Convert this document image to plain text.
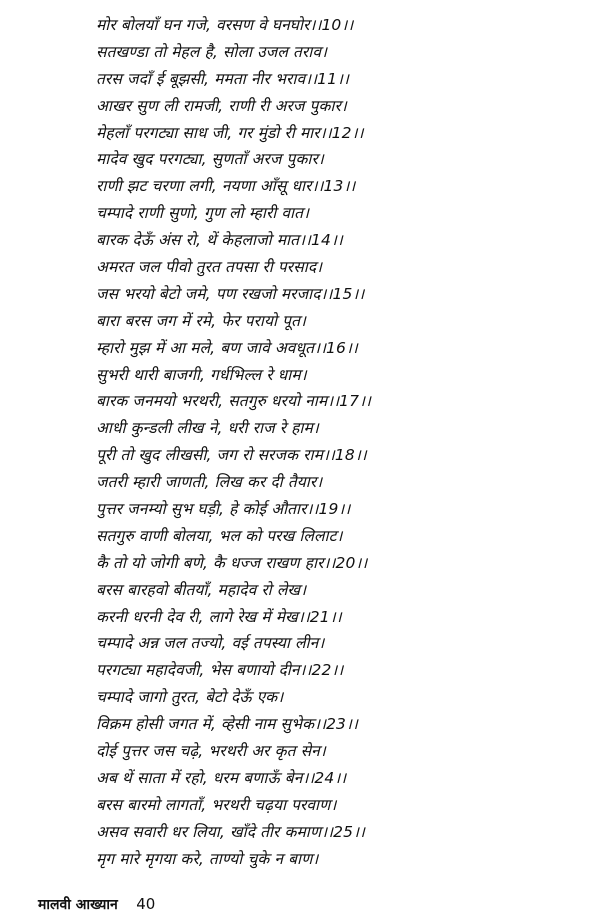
मोर बोलयाँ घन गजे, वरसण वे घनघोर।।10।।
सतखण्डा तो मेहल है, सोला उजल तराव।
तरस जदाँ ई बूझसी, ममता नीर भराव।।11।।
आखर सुण ली रामजी, राणी री अरज पुकार।
मेहलाँ परगट्या साध जी, गर मुंडो री मार।।12।।
मादेव खुद परगट्या, सुणताँ अरज पुकार।
राणी झट चरणा लगी, नयणा आँसू धार।।13।।
चम्पादे राणी सुणो, गुण लो म्हारी वात।
बारक देऊँ अंस रो, थें केहलाजो मात।।14।।
अमरत जल पीवो तुरत तपसा री परसाद।
जस भरयो बेटो जमे, पण रखजो मरजाद।।15।।
बारा बरस जग में रमे, फेर परायो पूत।
म्हारो मुझ में आ मले, बण जावे अवधूत।।16।।
सुभरी थारी बाजगी, गर्धभिल्ल रे धाम।
बारक जनमयो भरथरी, सतगुरु धरयो नाम।।17।।
आधी कुन्डली लीख ने, धरी राज रे हाम।
पूरी तो खुद लीखसी, जग रो सरजक राम।।18।।
जतरी म्हारी जाणती, लिख कर दी तैयार।
पुत्तर जनम्यो सुभ घड़ी, हे कोई औतार।।19।।
सतगुरु वाणी बोलया, भल को परख लिलाट।
कै तो यो जोगी बणे, कै धज्ज राखण हार।।20।।
बरस बारहवो बीतयाँ, महादेव रो लेख।
करनी धरनी देव री, लागे रेख में मेख।।21।।
चम्पादे अन्न जल तज्यो, वई तपस्या लीन।
परगट्या महादेवजी, भेस बणायो दीन।।22।।
चम्पादे जागो तुरत, बेटो देऊँ एक।
विक्रम होसी जगत में, व्हेसी नाम सुभेक।।23।।
दोई पुत्तर जस चढ़े, भरथरी अर कृत सेन।
अब थें साता में रहो, धरम बणाऊँ बेन।।24।।
बरस बारमो लागताँ, भरथरी चढ़या परवाण।
असव सवारी धर लिया, खाँदे तीर कमाण।।25।।
मृग मारे मृगया करे, ताण्यो चुके न बाण।
मालवी आख्यान 40
